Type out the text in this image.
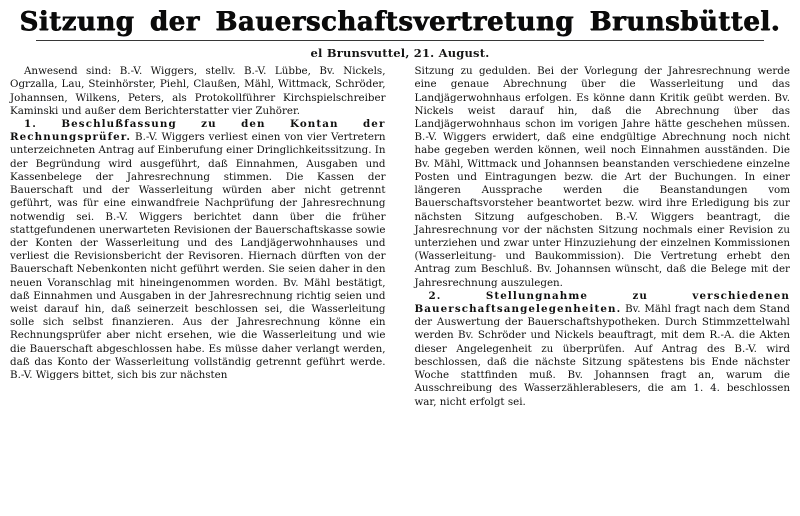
Sitzung der Bauerschaftsvertretung Brunsbüttel.
el Brunsvuttel, 21. August.

Anwesend sind: B.-V. Wiggers, stellv. B.-V. Lübbe, Bv. Nickels, Ogrzalla, Lau, Steinhörster, Piehl, Claußen, Mähl, Wittmack, Schröder, Johannsen, Wilkens, Peters, als Protokollführer Kirchspielschreiber Kaminski und außer dem Berichterstatter vier Zuhörer.

1. Beschlußfassung zu den Kontan der Rechnungsprüfer. B.-V. Wiggers verliest einen von vier Vertretern unterzeichneten Antrag auf Einberufung einer Dringlichkeitssitzung. In der Begründung wird ausgeführt, daß Einnahmen, Ausgaben und Kassenbelege der Jahresrechnung stimmen. Die Kassen der Bauerschaft und der Wasserleitung würden aber nicht getrennt geführt, was für eine einwandfreie Nachprüfung der Jahresrechnung notwendig sei. B.-V. Wiggers berichtet dann über die früher stattgefundenen unerwarteten Revisionen der Bauerschaftskasse sowie der Konten der Wasserleitung und des Landjägerwohnhauses und verliest die Revisionsbericht der Revisoren. Hiernach dürften von der Bauerschaft Nebenkonten nicht geführt werden. Sie seien daher in den neuen Voranschlag mit hineingenommen worden. Bv. Mähl bestätigt, daß Einnahmen und Ausgaben in der Jahresrechnung richtig seien und weist darauf hin, daß seinerzeit beschlossen sei, die Wasserleitung solle sich selbst finanzieren. Aus der Jahresrechnung könne ein Rechnungsprüfer aber nicht ersehen, wie die Wasserleitung und wie die Bauerschaft abgeschlossen habe. Es müsse daher verlangt werden, daß das Konto der Wasserleitung vollständig getrennt geführt werde. B.-V. Wiggers bittet, sich bis zur nächsten

Sitzung zu gedulden. Bei der Vorlegung der Jahresrechnung werde eine genaue Abrechnung über die Wasserleitung und das Landjägerwohnhaus erfolgen. Es könne dann Kritik geübt werden. Bv. Nickels weist darauf hin, daß die Abrechnung über das Landjägerwohnhaus schon im vorigen Jahre hätte geschehen müssen. B.-V. Wiggers erwidert, daß eine endgültige Abrechnung noch nicht habe gegeben werden können, weil noch Einnahmen ausständen. Die Bv. Mähl, Wittmack und Johannsen beanstanden verschiedene einzelne Posten und Eintragungen bezw. die Art der Buchungen. In einer längeren Aussprache werden die Beanstandungen vom Bauerschaftsvorsteher beantwortet bezw. wird ihre Erledigung bis zur nächsten Sitzung aufgeschoben. B.-V. Wiggers beantragt, die Jahresrechnung vor der nächsten Sitzung nochmals einer Revision zu unterziehen und zwar unter Hinzuziehung der einzelnen Kommissionen (Wasserleitung- und Baukommission). Die Vertretung erhebt den Antrag zum Beschluß. Bv. Johannsen wünscht, daß die Belege mit der Jahresrechnung auszulegen.

2. Stellungnahme zu verschiedenen Bauerschaftsangelegenheiten. Bv. Mähl fragt nach dem Stand der Auswertung der Bauerschaftshypotheken. Durch Stimmzettelwahl werden Bv. Schröder und Nickels beauftragt, mit dem R.-A. die Akten dieser Angelegenheit zu überprüfen. Auf Antrag des B.-V. wird beschlossen, daß die nächste Sitzung spätestens bis Ende nächster Woche stattfinden muß. Bv. Johannsen fragt an, warum die Ausschreibung des Wasserzählerablesers, die am 1. 4. beschlossen war, nicht erfolgt sei.
